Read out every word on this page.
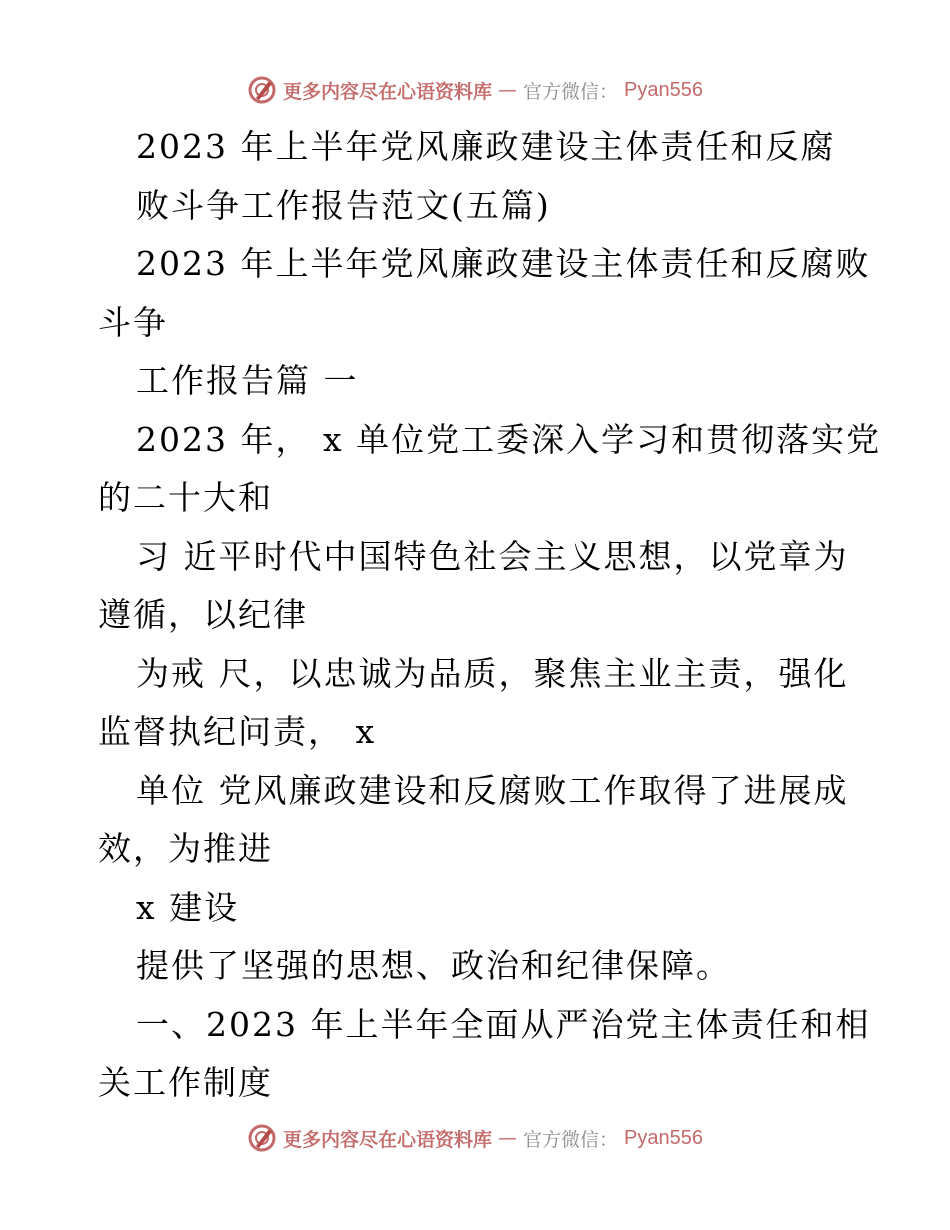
更多内容尽在心语资料库 — 官方微信： Pyan556
2023 年上半年党风廉政建设主体责任和反腐
败斗争工作报告范文(五篇)
2023 年上半年党风廉政建设主体责任和反腐败
斗争
工作报告篇 一
2023 年， x 单位党工委深入学习和贯彻落实党
的二十大和
习 近平时代中国特色社会主义思想，以党章为
遵循，以纪律
为戒 尺，以忠诚为品质，聚焦主业主责，强化
监督执纪问责， x
单位 党风廉政建设和反腐败工作取得了进展成
效，为推进
x 建设
提供了坚强的思想、政治和纪律保障。
一、2023 年上半年全面从严治党主体责任和相
关工作制度
更多内容尽在心语资料库 — 官方微信： Pyan556
